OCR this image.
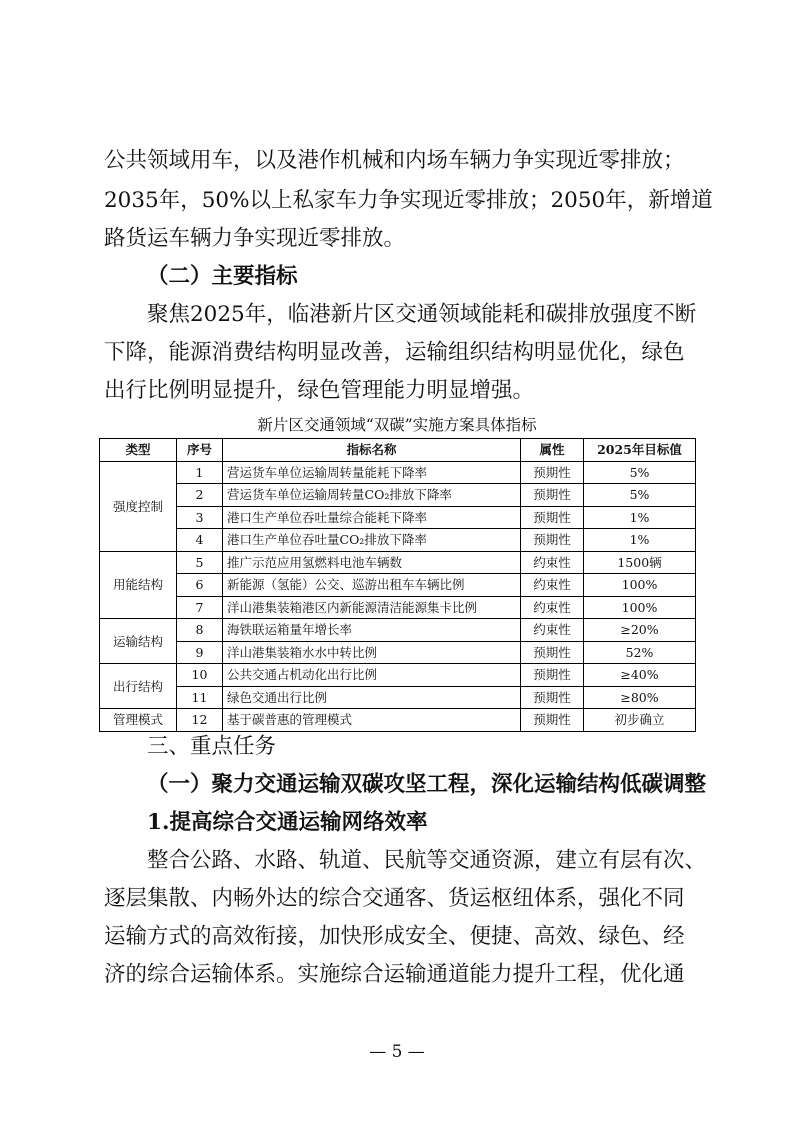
公共领域用车，以及港作机械和内场车辆力争实现近零排放；
2035年，50%以上私家车力争实现近零排放；2050年，新增道
路货运车辆力争实现近零排放。
（二）主要指标
聚焦2025年，临港新片区交通领域能耗和碳排放强度不断
下降，能源消费结构明显改善，运输组织结构明显优化，绿色
出行比例明显提升，绿色管理能力明显增强。
新片区交通领域“双碳”实施方案具体指标
类型	序号	指标名称	属性	2025年目标值
强度控制	1	营运货车单位运输周转量能耗下降率	预期性	5%
	2	营运货车单位运输周转量CO₂排放下降率	预期性	5%
	3	港口生产单位吞吐量综合能耗下降率	预期性	1%
	4	港口生产单位吞吐量CO₂排放下降率	预期性	1%
用能结构	5	推广示范应用氢燃料电池车辆数	约束性	1500辆
	6	新能源（氢能）公交、巡游出租车车辆比例	约束性	100%
	7	洋山港集装箱港区内新能源清洁能源集卡比例	约束性	100%
运输结构	8	海铁联运箱量年增长率	约束性	≥20%
	9	洋山港集装箱水水中转比例	预期性	52%
出行结构	10	公共交通占机动化出行比例	预期性	≥40%
	11	绿色交通出行比例	预期性	≥80%
管理模式	12	基于碳普惠的管理模式	预期性	初步确立
三、重点任务
（一）聚力交通运输双碳攻坚工程，深化运输结构低碳调整
1.提高综合交通运输网络效率
整合公路、水路、轨道、民航等交通资源，建立有层有次、
逐层集散、内畅外达的综合交通客、货运枢纽体系，强化不同
运输方式的高效衔接，加快形成安全、便捷、高效、绿色、经
济的综合运输体系。实施综合运输通道能力提升工程，优化通
— 5 —
